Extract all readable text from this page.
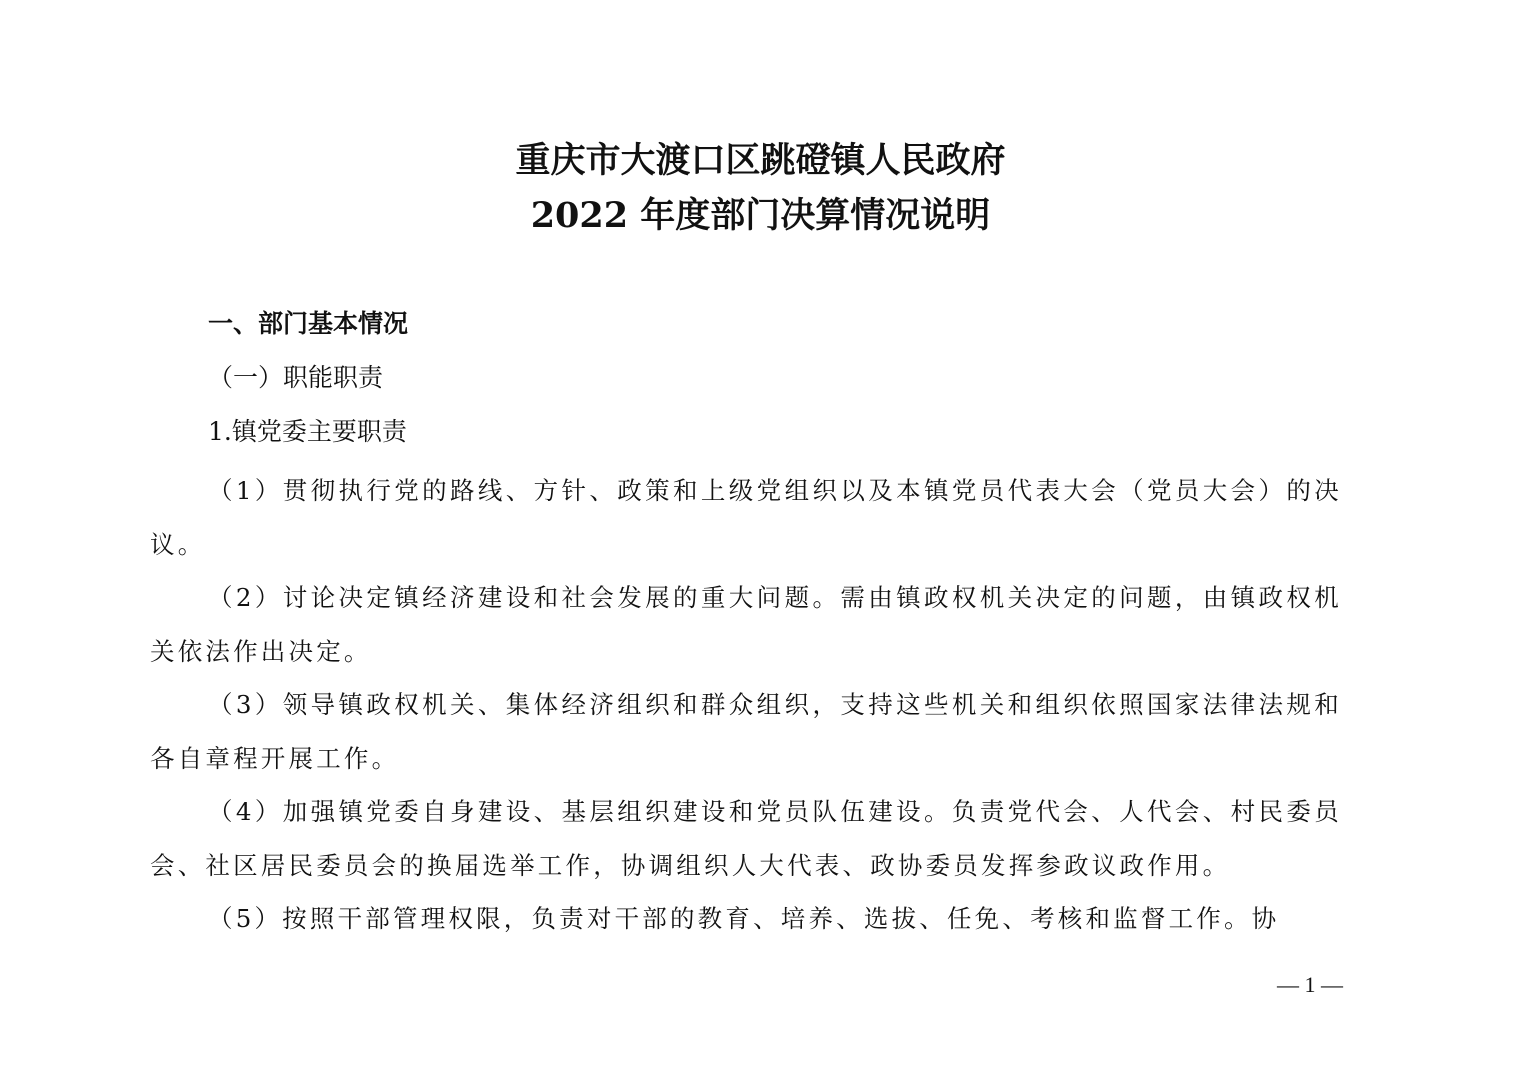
重庆市大渡口区跳磴镇人民政府
2022 年度部门决算情况说明
一、部门基本情况
（一）职能职责
1.镇党委主要职责

（1）贯彻执行党的路线、方针、政策和上级党组织以及本镇党员代表大会（党员大会）的决议。

（2）讨论决定镇经济建设和社会发展的重大问题。需由镇政权机关决定的问题，由镇政权机关依法作出决定。

（3）领导镇政权机关、集体经济组织和群众组织，支持这些机关和组织依照国家法律法规和各自章程开展工作。

（4）加强镇党委自身建设、基层组织建设和党员队伍建设。负责党代会、人代会、村民委员会、社区居民委员会的换届选举工作，协调组织人大代表、政协委员发挥参政议政作用。

（5）按照干部管理权限，负责对干部的教育、培养、选拔、任免、考核和监督工作。协

— 1 —
